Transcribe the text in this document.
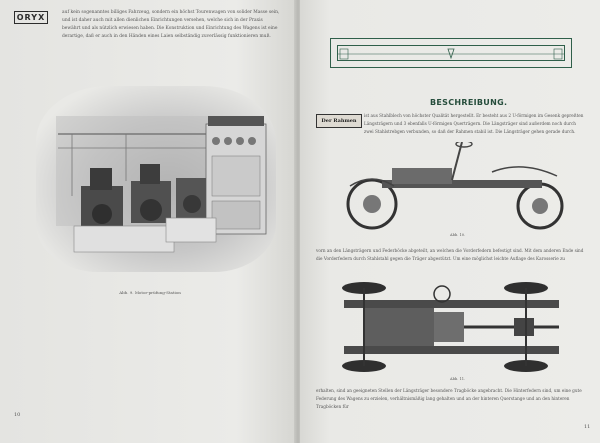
ORYX
auf kein sogenanntes billiges Fahrzeug, sondern ein höchst Tourenwagen von solider Masse sein, und ist daher auch mit allen dienlichen Einrichtungen versehen, welche sich in der Praxis bewährt und als nützlich erwiesen haben. Die Konstruktion und Einrichtung des Wagens ist eine derartige, daß er auch in den Händen eines Laien selbständig zuverlässig funktionieren muß.
Abb. 9. Motor-prüfung-Station
10
BESCHREIBUNG.
Der Rahmen
ist aus Stahlblech von höchster Qualität hergestellt. Er besteht aus 2 U-förmigen im Gesenk gepreßten Längsträgern und 3 ebenfalls U-förmigen Querträgern. Die Längsträger sind außerdem noch durch zwei Stahlstrebgen verbunden, so daß der Rahmen stabil ist. Die Längsträger gehen gerade durch.
Abb. 10.
vorn an den Längsträgern und Federböcke abgeteilt, an welchen die Vorderfedern befestigt sind. Mit dem anderen Ende sind die Vorderfedern durch Stahlstahl gegen die Träger abgestützt. Um eine möglichst leichte Auflage des Karosserie zu
Abb. 11.
erhalten, sind an geeigneten Stellen der Längsträger besondere Tragböcke angebracht. Die Hinterfedern sind, um eine gute Federung des Wagens zu erzielen, verhältnismäßig lang gehalten und an der hinteren Querstange und an den hinteren Tragböcken für
11
